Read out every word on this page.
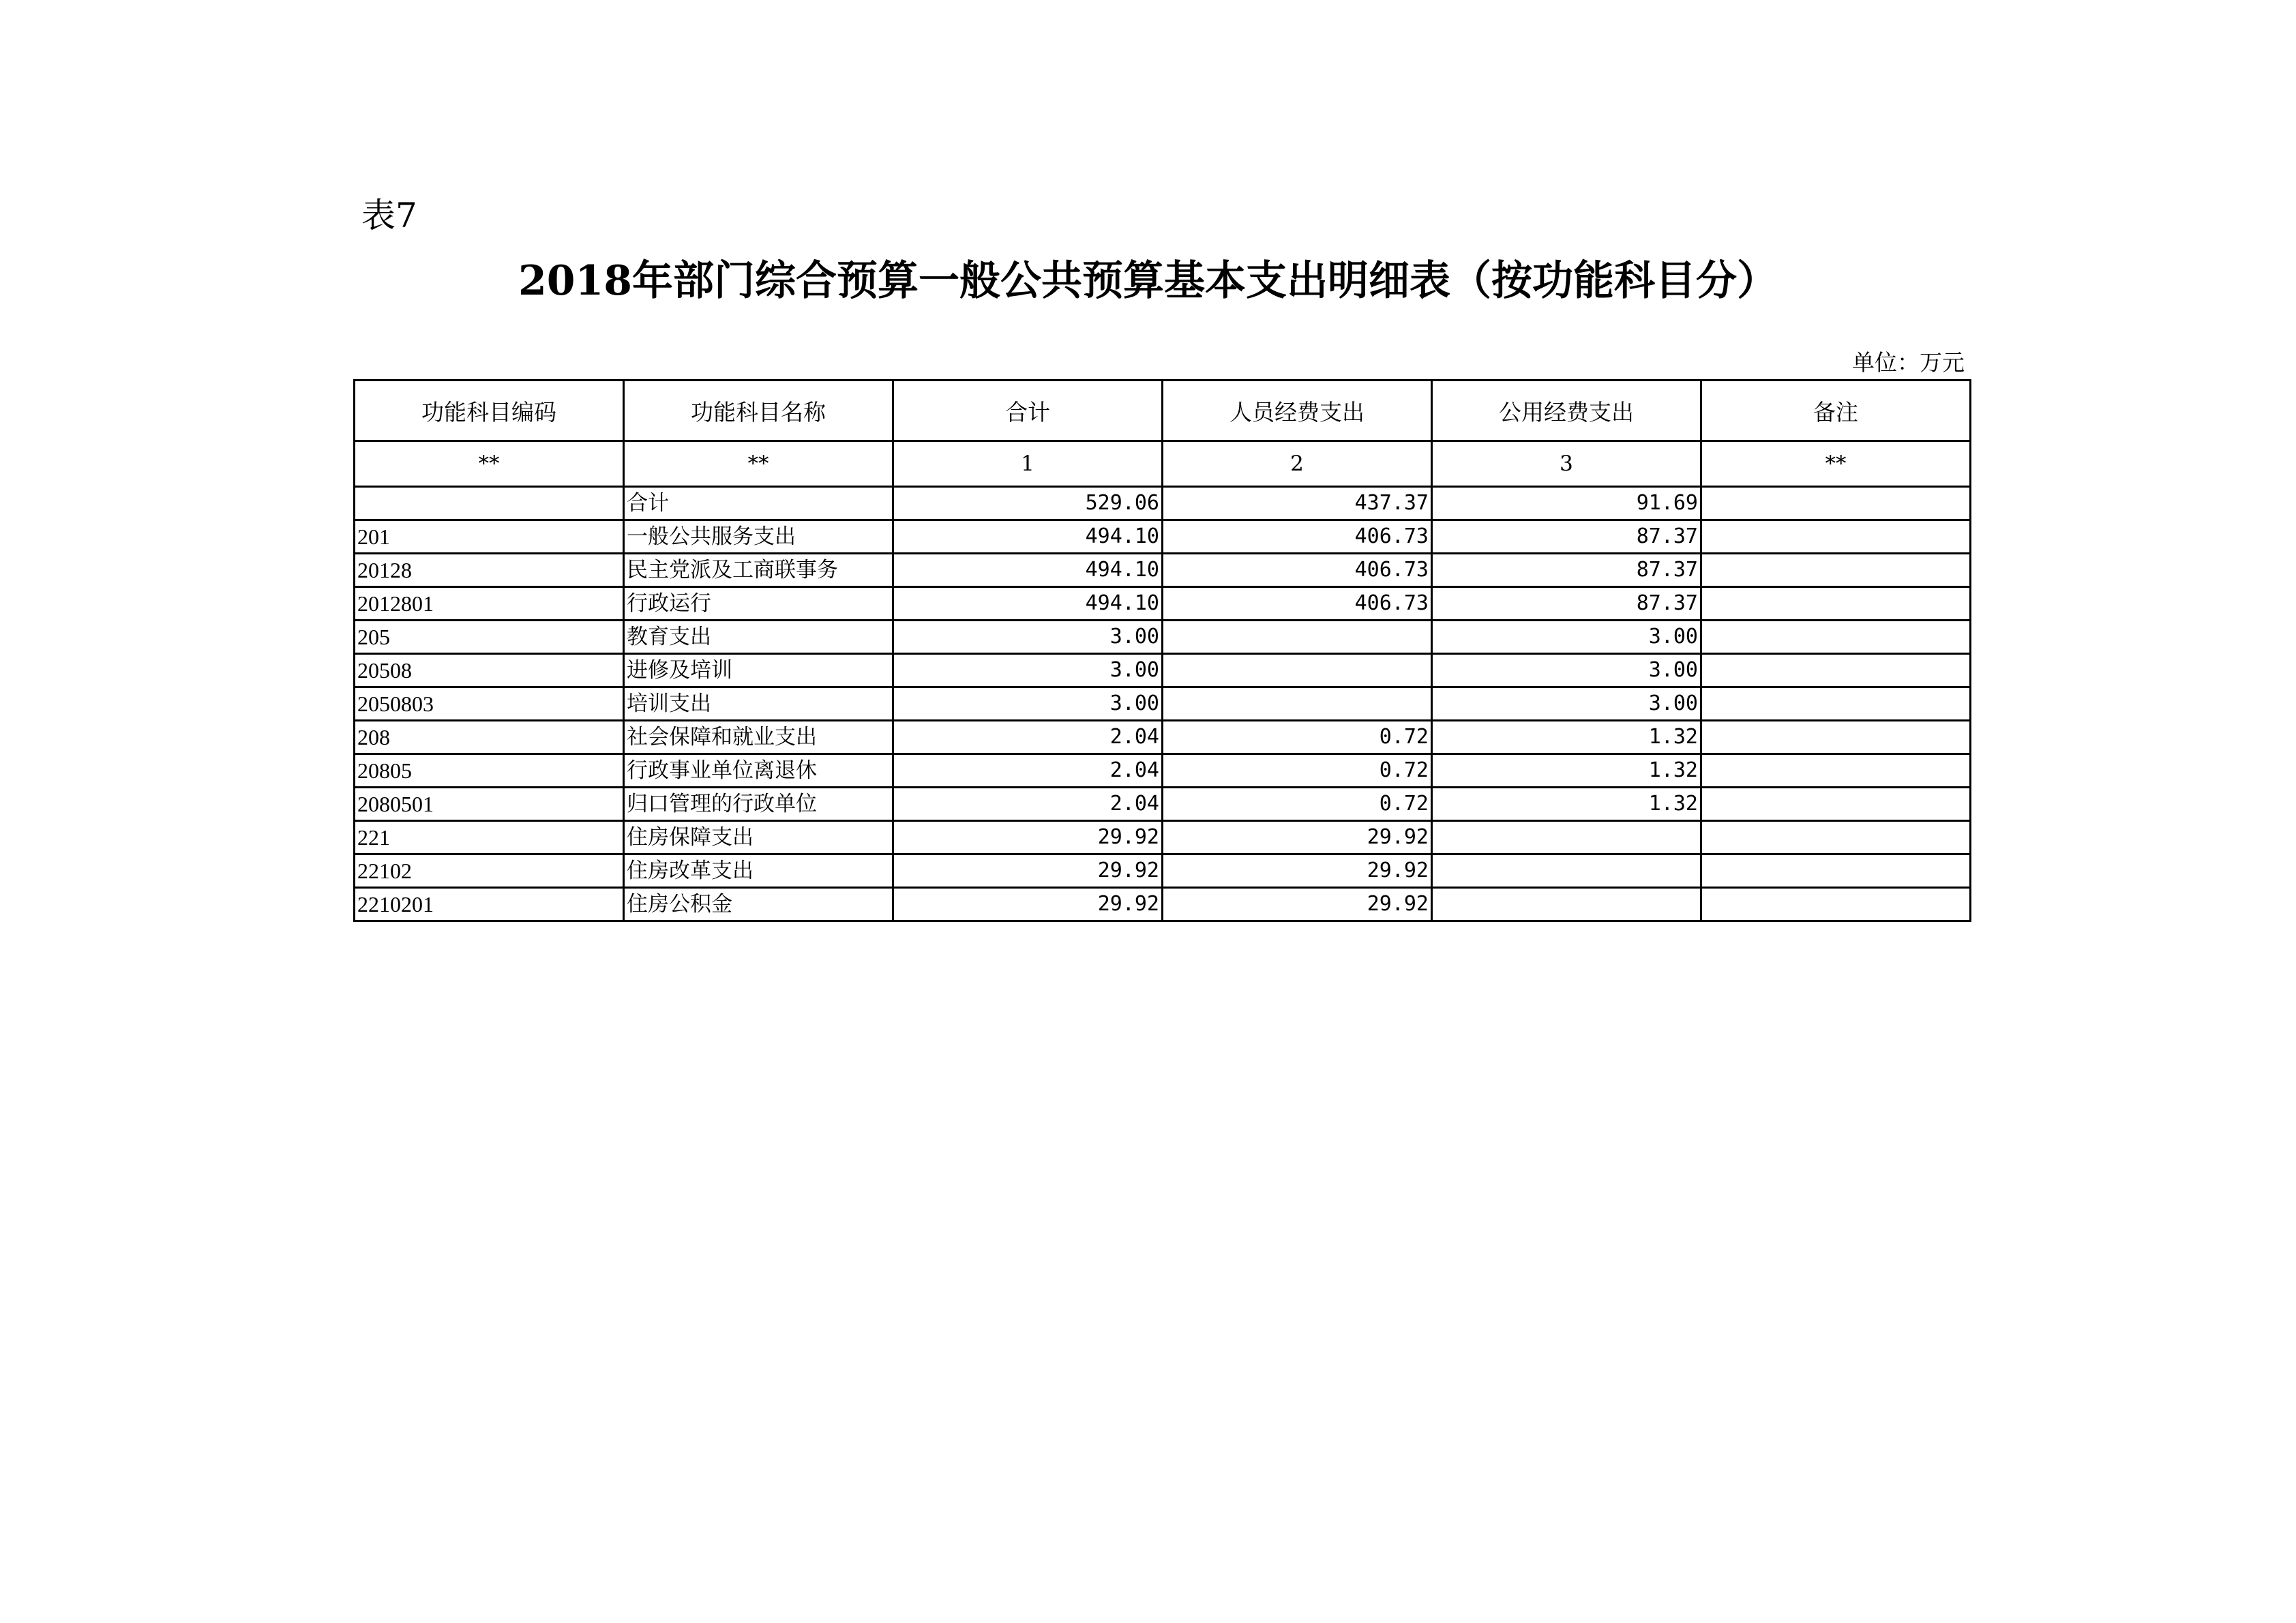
表7
2018年部门综合预算一般公共预算基本支出明细表（按功能科目分）
单位：万元
功能科目编码	功能科目名称	合计	人员经费支出	公用经费支出	备注
**	**	1	2	3	**
	合计	529.06	437.37	91.69	
201	一般公共服务支出	494.10	406.73	87.37	
20128	民主党派及工商联事务	494.10	406.73	87.37	
2012801	行政运行	494.10	406.73	87.37	
205	教育支出	3.00		3.00	
20508	进修及培训	3.00		3.00	
2050803	培训支出	3.00		3.00	
208	社会保障和就业支出	2.04	0.72	1.32	
20805	行政事业单位离退休	2.04	0.72	1.32	
2080501	归口管理的行政单位	2.04	0.72	1.32	
221	住房保障支出	29.92	29.92		
22102	住房改革支出	29.92	29.92		
2210201	住房公积金	29.92	29.92		
